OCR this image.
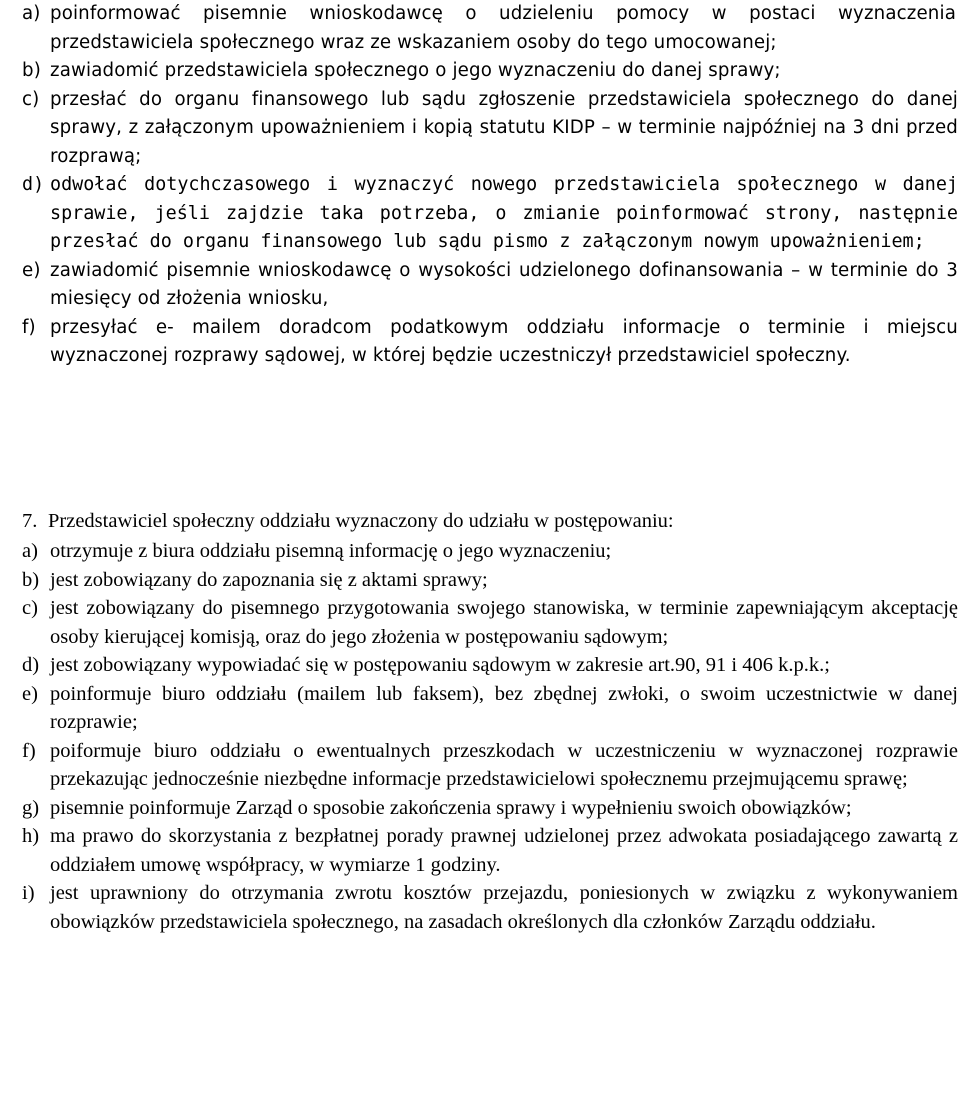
a) poinformować pisemnie wnioskodawcę o udzieleniu pomocy w postaci wyznaczenia przedstawiciela społecznego wraz ze wskazaniem osoby do tego umocowanej;
b) zawiadomić przedstawiciela społecznego o jego wyznaczeniu do danej sprawy;
c) przesłać do organu finansowego lub sądu zgłoszenie przedstawiciela społecznego do danej sprawy, z załączonym upoważnieniem i kopią statutu KIDP – w terminie najpóźniej na 3 dni przed rozprawą;
d) odwołać dotychczasowego i wyznaczyć nowego przedstawiciela społecznego w danej sprawie, jeśli zajdzie taka potrzeba, o zmianie poinformować strony, następnie przesłać do organu finansowego lub sądu pismo z załączonym nowym upoważnieniem;
e) zawiadomić pisemnie wnioskodawcę o wysokości udzielonego dofinansowania – w terminie do 3 miesięcy od złożenia wniosku,
f) przesyłać e- mailem doradcom podatkowym oddziału informacje o terminie i miejscu wyznaczonej rozprawy sądowej, w której będzie uczestniczył przedstawiciel społeczny.
7. Przedstawiciel społeczny oddziału wyznaczony do udziału w postępowaniu:
a) otrzymuje z biura oddziału pisemną informację o jego wyznaczeniu;
b) jest zobowiązany do zapoznania się z aktami sprawy;
c) jest zobowiązany do pisemnego przygotowania swojego stanowiska, w terminie zapewniającym akceptację osoby kierującej komisją, oraz do jego złożenia w postępowaniu sądowym;
d) jest zobowiązany wypowiadać się w postępowaniu sądowym w zakresie art.90, 91 i 406 k.p.k.;
e) poinformuje biuro oddziału (mailem lub faksem), bez zbędnej zwłoki, o swoim uczestnictwie w danej rozprawie;
f) poiformuje biuro oddziału o ewentualnych przeszkodach w uczestniczeniu w wyznaczonej rozprawie przekazując jednocześnie niezbędne informacje przedstawicielowi społecznemu przejmującemu sprawę;
g) pisemnie poinformuje Zarząd o sposobie zakończenia sprawy i wypełnieniu swoich obowiązków;
h) ma prawo do skorzystania z bezpłatnej porady prawnej udzielonej przez adwokata posiadającego zawartą z oddziałem umowę współpracy, w wymiarze 1 godziny.
i) jest uprawniony do otrzymania zwrotu kosztów przejazdu, poniesionych w związku z wykonywaniem obowiązków przedstawiciela społecznego, na zasadach określonych dla członków Zarządu oddziału.
